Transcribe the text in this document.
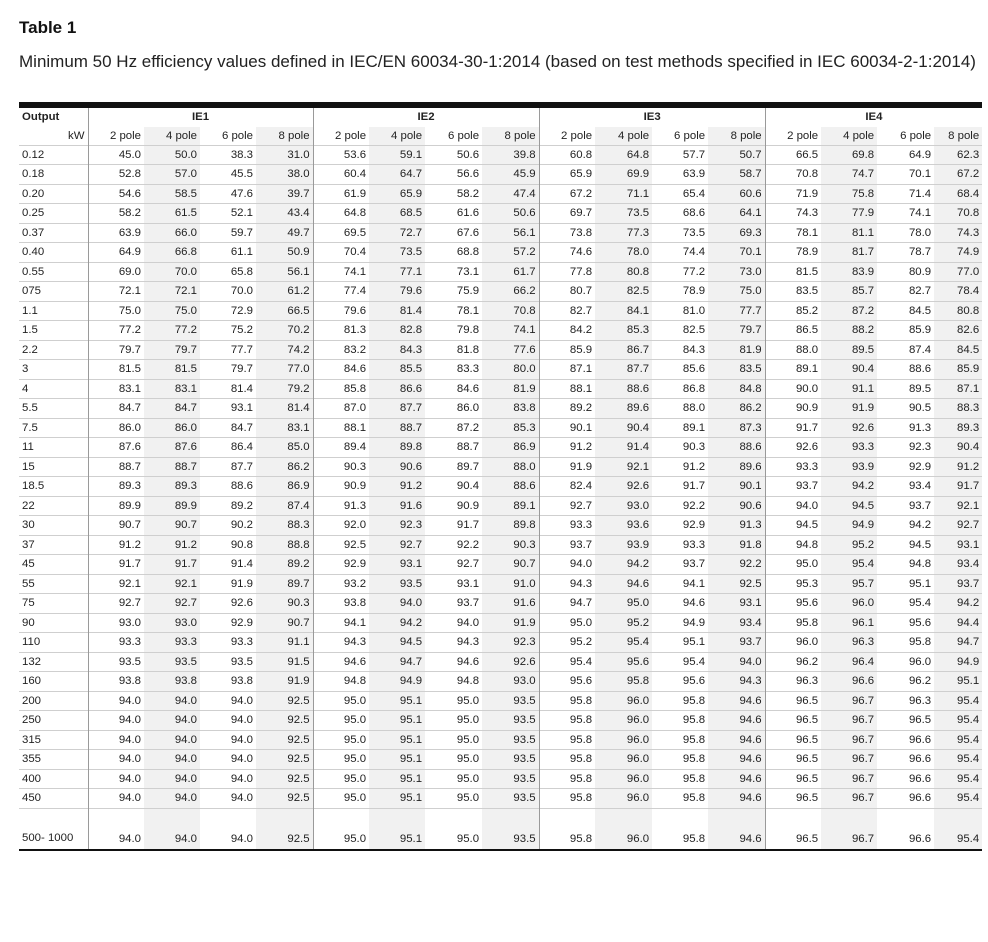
Table 1
Minimum 50 Hz efficiency values defined in IEC/EN 60034-30-1:2014 (based on test methods specified in IEC 60034-2-1:2014)
Output	IE1				IE2				IE3				IE4			
kW	2 pole	4 pole	6 pole	8 pole	2 pole	4 pole	6 pole	8 pole	2 pole	4 pole	6 pole	8 pole	2 pole	4 pole	6 pole	8 pole
0.12	45.0	50.0	38.3	31.0	53.6	59.1	50.6	39.8	60.8	64.8	57.7	50.7	66.5	69.8	64.9	62.3
0.18	52.8	57.0	45.5	38.0	60.4	64.7	56.6	45.9	65.9	69.9	63.9	58.7	70.8	74.7	70.1	67.2
0.20	54.6	58.5	47.6	39.7	61.9	65.9	58.2	47.4	67.2	71.1	65.4	60.6	71.9	75.8	71.4	68.4
0.25	58.2	61.5	52.1	43.4	64.8	68.5	61.6	50.6	69.7	73.5	68.6	64.1	74.3	77.9	74.1	70.8
0.37	63.9	66.0	59.7	49.7	69.5	72.7	67.6	56.1	73.8	77.3	73.5	69.3	78.1	81.1	78.0	74.3
0.40	64.9	66.8	61.1	50.9	70.4	73.5	68.8	57.2	74.6	78.0	74.4	70.1	78.9	81.7	78.7	74.9
0.55	69.0	70.0	65.8	56.1	74.1	77.1	73.1	61.7	77.8	80.8	77.2	73.0	81.5	83.9	80.9	77.0
075	72.1	72.1	70.0	61.2	77.4	79.6	75.9	66.2	80.7	82.5	78.9	75.0	83.5	85.7	82.7	78.4
1.1	75.0	75.0	72.9	66.5	79.6	81.4	78.1	70.8	82.7	84.1	81.0	77.7	85.2	87.2	84.5	80.8
1.5	77.2	77.2	75.2	70.2	81.3	82.8	79.8	74.1	84.2	85.3	82.5	79.7	86.5	88.2	85.9	82.6
2.2	79.7	79.7	77.7	74.2	83.2	84.3	81.8	77.6	85.9	86.7	84.3	81.9	88.0	89.5	87.4	84.5
3	81.5	81.5	79.7	77.0	84.6	85.5	83.3	80.0	87.1	87.7	85.6	83.5	89.1	90.4	88.6	85.9
4	83.1	83.1	81.4	79.2	85.8	86.6	84.6	81.9	88.1	88.6	86.8	84.8	90.0	91.1	89.5	87.1
5.5	84.7	84.7	93.1	81.4	87.0	87.7	86.0	83.8	89.2	89.6	88.0	86.2	90.9	91.9	90.5	88.3
7.5	86.0	86.0	84.7	83.1	88.1	88.7	87.2	85.3	90.1	90.4	89.1	87.3	91.7	92.6	91.3	89.3
11	87.6	87.6	86.4	85.0	89.4	89.8	88.7	86.9	91.2	91.4	90.3	88.6	92.6	93.3	92.3	90.4
15	88.7	88.7	87.7	86.2	90.3	90.6	89.7	88.0	91.9	92.1	91.2	89.6	93.3	93.9	92.9	91.2
18.5	89.3	89.3	88.6	86.9	90.9	91.2	90.4	88.6	82.4	92.6	91.7	90.1	93.7	94.2	93.4	91.7
22	89.9	89.9	89.2	87.4	91.3	91.6	90.9	89.1	92.7	93.0	92.2	90.6	94.0	94.5	93.7	92.1
30	90.7	90.7	90.2	88.3	92.0	92.3	91.7	89.8	93.3	93.6	92.9	91.3	94.5	94.9	94.2	92.7
37	91.2	91.2	90.8	88.8	92.5	92.7	92.2	90.3	93.7	93.9	93.3	91.8	94.8	95.2	94.5	93.1
45	91.7	91.7	91.4	89.2	92.9	93.1	92.7	90.7	94.0	94.2	93.7	92.2	95.0	95.4	94.8	93.4
55	92.1	92.1	91.9	89.7	93.2	93.5	93.1	91.0	94.3	94.6	94.1	92.5	95.3	95.7	95.1	93.7
75	92.7	92.7	92.6	90.3	93.8	94.0	93.7	91.6	94.7	95.0	94.6	93.1	95.6	96.0	95.4	94.2
90	93.0	93.0	92.9	90.7	94.1	94.2	94.0	91.9	95.0	95.2	94.9	93.4	95.8	96.1	95.6	94.4
110	93.3	93.3	93.3	91.1	94.3	94.5	94.3	92.3	95.2	95.4	95.1	93.7	96.0	96.3	95.8	94.7
132	93.5	93.5	93.5	91.5	94.6	94.7	94.6	92.6	95.4	95.6	95.4	94.0	96.2	96.4	96.0	94.9
160	93.8	93.8	93.8	91.9	94.8	94.9	94.8	93.0	95.6	95.8	95.6	94.3	96.3	96.6	96.2	95.1
200	94.0	94.0	94.0	92.5	95.0	95.1	95.0	93.5	95.8	96.0	95.8	94.6	96.5	96.7	96.3	95.4
250	94.0	94.0	94.0	92.5	95.0	95.1	95.0	93.5	95.8	96.0	95.8	94.6	96.5	96.7	96.5	95.4
315	94.0	94.0	94.0	92.5	95.0	95.1	95.0	93.5	95.8	96.0	95.8	94.6	96.5	96.7	96.6	95.4
355	94.0	94.0	94.0	92.5	95.0	95.1	95.0	93.5	95.8	96.0	95.8	94.6	96.5	96.7	96.6	95.4
400	94.0	94.0	94.0	92.5	95.0	95.1	95.0	93.5	95.8	96.0	95.8	94.6	96.5	96.7	96.6	95.4
450	94.0	94.0	94.0	92.5	95.0	95.1	95.0	93.5	95.8	96.0	95.8	94.6	96.5	96.7	96.6	95.4
500- 1000	94.0	94.0	94.0	92.5	95.0	95.1	95.0	93.5	95.8	96.0	95.8	94.6	96.5	96.7	96.6	95.4
